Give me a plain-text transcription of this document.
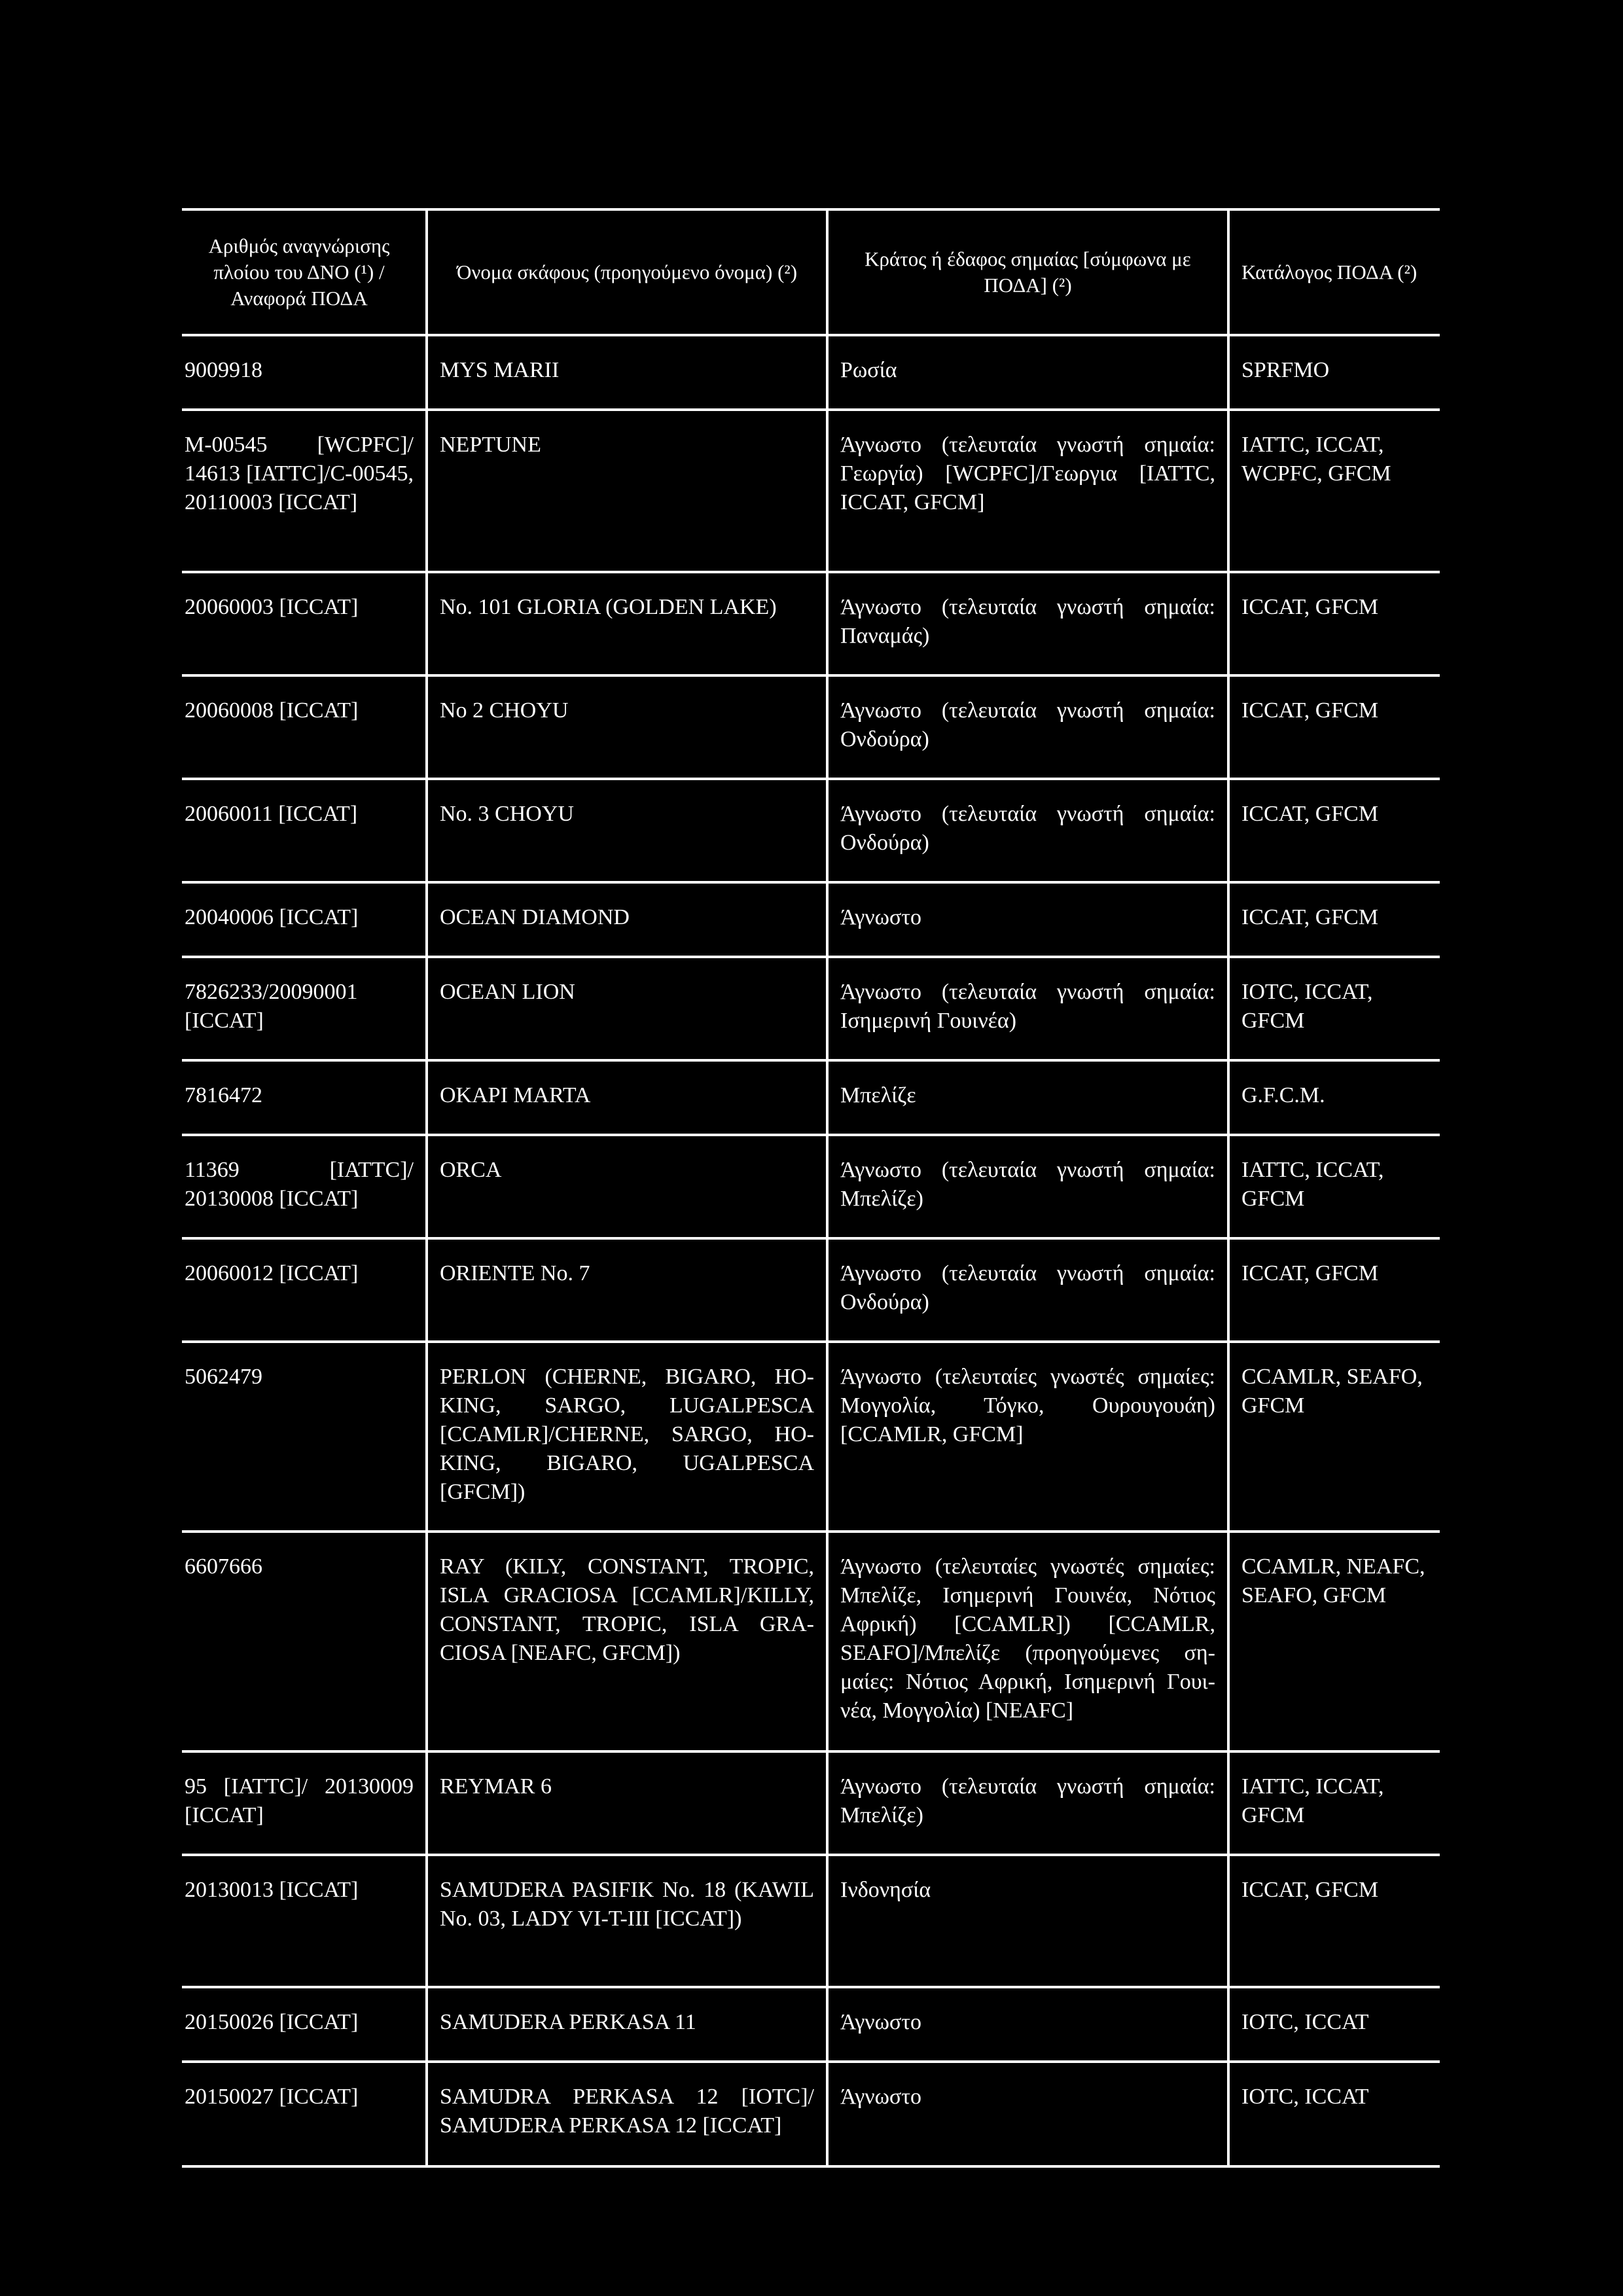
Αριθμός αναγνώρισης πλοίου του ΔΝΟ (¹) / Αναφορά ΠΟΔΑ	Όνομα σκάφους (προηγούμενο όνομα) (²)	Κράτος ή έδαφος σημαίας [σύμφωνα με ΠΟΔΑ] (²)	Κατάλογος ΠΟΔΑ (²)
9009918	MYS MARII	Ρωσία	SPRFMO
M-00545 [WCPFC]/ 14613 [IATTC]/C-00545, 20110003 [ICCAT]	NEPTUNE	Άγνωστο (τελευταία γνωστή σημαία: Γεωργία) [WCPFC]/Γεωργια [IATTC, ICCAT, GFCM]	IATTC, ICCAT, WCPFC, GFCM
20060003 [ICCAT]	No. 101 GLORIA (GOLDEN LAKE)	Άγνωστο (τελευταία γνωστή σημαία: Παναμάς)	ICCAT, GFCM
20060008 [ICCAT]	No 2 CHOYU	Άγνωστο (τελευταία γνωστή σημαία: Ονδούρα)	ICCAT, GFCM
20060011 [ICCAT]	No. 3 CHOYU	Άγνωστο (τελευταία γνωστή σημαία: Ονδούρα)	ICCAT, GFCM
20040006 [ICCAT]	OCEAN DIAMOND	Άγνωστο	ICCAT, GFCM
7826233/20090001 [ICCAT]	OCEAN LION	Άγνωστο (τελευταία γνωστή σημαία: Ισημερινή Γουινέα)	IOTC, ICCAT, GFCM
7816472	OKAPI MARTA	Μπελίζε	G.F.C.M.
11369 [IATTC]/ 20130008 [ICCAT]	ORCA	Άγνωστο (τελευταία γνωστή σημαία: Μπελίζε)	IATTC, ICCAT, GFCM
20060012 [ICCAT]	ORIENTE No. 7	Άγνωστο (τελευταία γνωστή σημαία: Ονδούρα)	ICCAT, GFCM
5062479	PERLON (CHERNE, BIGARO, HOKING, SARGO, LUGALPESCA [CCAMLR]/CHERNE, SARGO, HOKING, BIGARO, UGALPESCA [GFCM])	Άγνωστο (τελευταίες γνωστές σημαίες: Μογγολία, Τόγκο, Ουρουγουάη) [CCAMLR, GFCM]	CCAMLR, SEAFO, GFCM
6607666	RAY (KILY, CONSTANT, TROPIC, ISLA GRACIOSA [CCAMLR]/KILLY, CONSTANT, TROPIC, ISLA GRACIOSA [NEAFC, GFCM])	Άγνωστο (τελευταίες γνωστές σημαίες: Μπελίζε, Ισημερινή Γουινέα, Νότιος Αφρική) [CCAMLR]) [CCAMLR, SEAFO]/Μπελίζε (προηγούμενες σημαίες: Νότιος Αφρική, Ισημερινή Γουινέα, Μογγολία) [NEAFC]	CCAMLR, NEAFC, SEAFO, GFCM
95 [IATTC]/ 20130009 [ICCAT]	REYMAR 6	Άγνωστο (τελευταία γνωστή σημαία: Μπελίζε)	IATTC, ICCAT, GFCM
20130013 [ICCAT]	SAMUDERA PASIFIK No. 18 (KAWIL No. 03, LADY VI-T-III [ICCAT])	Ινδονησία	ICCAT, GFCM
20150026 [ICCAT]	SAMUDERA PERKASA 11	Άγνωστο	IOTC, ICCAT
20150027 [ICCAT]	SAMUDRA PERKASA 12 [IOTC]/ SAMUDERA PERKASA 12 [ICCAT]	Άγνωστο	IOTC, ICCAT
